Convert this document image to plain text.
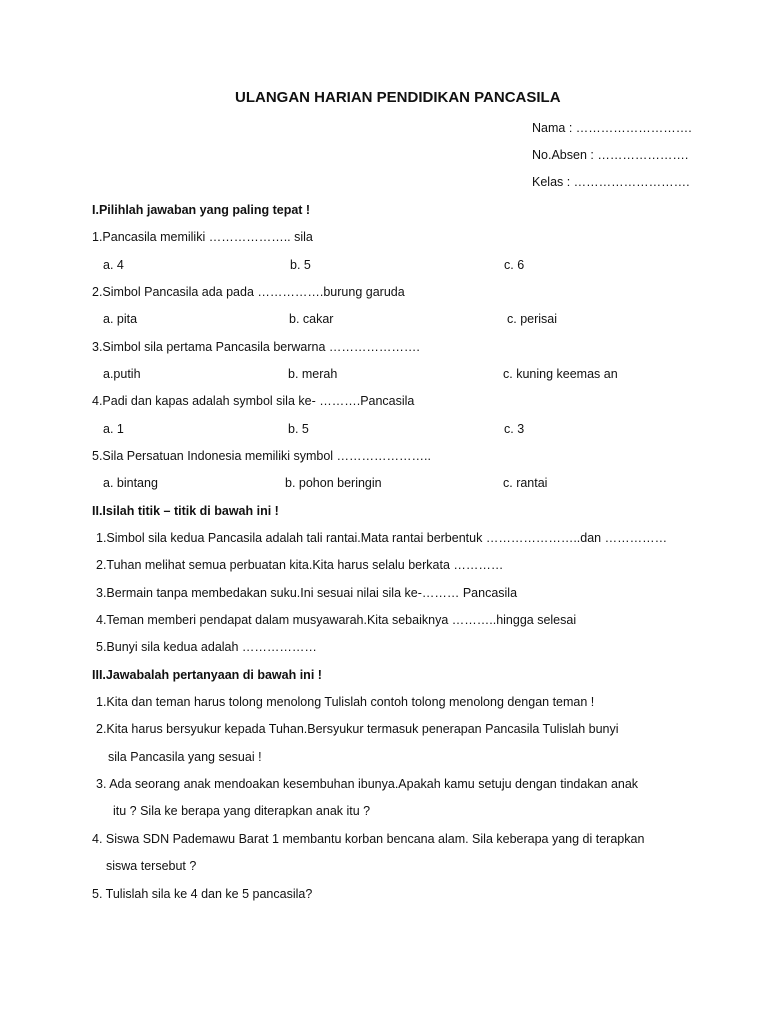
ULANGAN HARIAN PENDIDIKAN PANCASILA
Nama : ……………………….
No.Absen : ………………….
Kelas : ……………………….
I.Pilihlah jawaban yang paling tepat !
1.Pancasila memiliki ……………….. sila
a. 4	b. 5	c. 6
2.Simbol Pancasila ada pada …………….burung garuda
a. pita	b. cakar	c. perisai
3.Simbol sila pertama Pancasila berwarna ………………….
a.putih	b. merah	c. kuning keemas an
4.Padi dan kapas adalah symbol sila ke- ……….Pancasila
a. 1	b. 5	c. 3
5.Sila Persatuan Indonesia memiliki symbol …………………..
a. bintang	b. pohon beringin	c. rantai
II.Isilah titik – titik di bawah ini !
1.Simbol sila kedua Pancasila adalah tali rantai.Mata rantai berbentuk …………………..dan ……………
2.Tuhan melihat semua perbuatan kita.Kita harus selalu berkata …………
3.Bermain tanpa membedakan suku.Ini sesuai nilai sila ke-……… Pancasila
4.Teman memberi pendapat dalam musyawarah.Kita sebaiknya ………..hingga selesai
5.Bunyi sila kedua adalah ………………
III.Jawabalah pertanyaan di bawah ini !
1.Kita dan teman harus tolong menolong Tulislah contoh tolong menolong dengan teman !
2.Kita harus bersyukur kepada Tuhan.Bersyukur termasuk penerapan Pancasila Tulislah bunyi
sila Pancasila yang sesuai !
3. Ada seorang anak mendoakan kesembuhan ibunya.Apakah kamu setuju dengan tindakan anak
itu ? Sila ke berapa yang diterapkan anak itu ?
4. Siswa SDN Pademawu Barat 1 membantu korban bencana alam. Sila keberapa yang di terapkan
siswa tersebut ?
5. Tulislah sila ke 4 dan ke 5 pancasila?
